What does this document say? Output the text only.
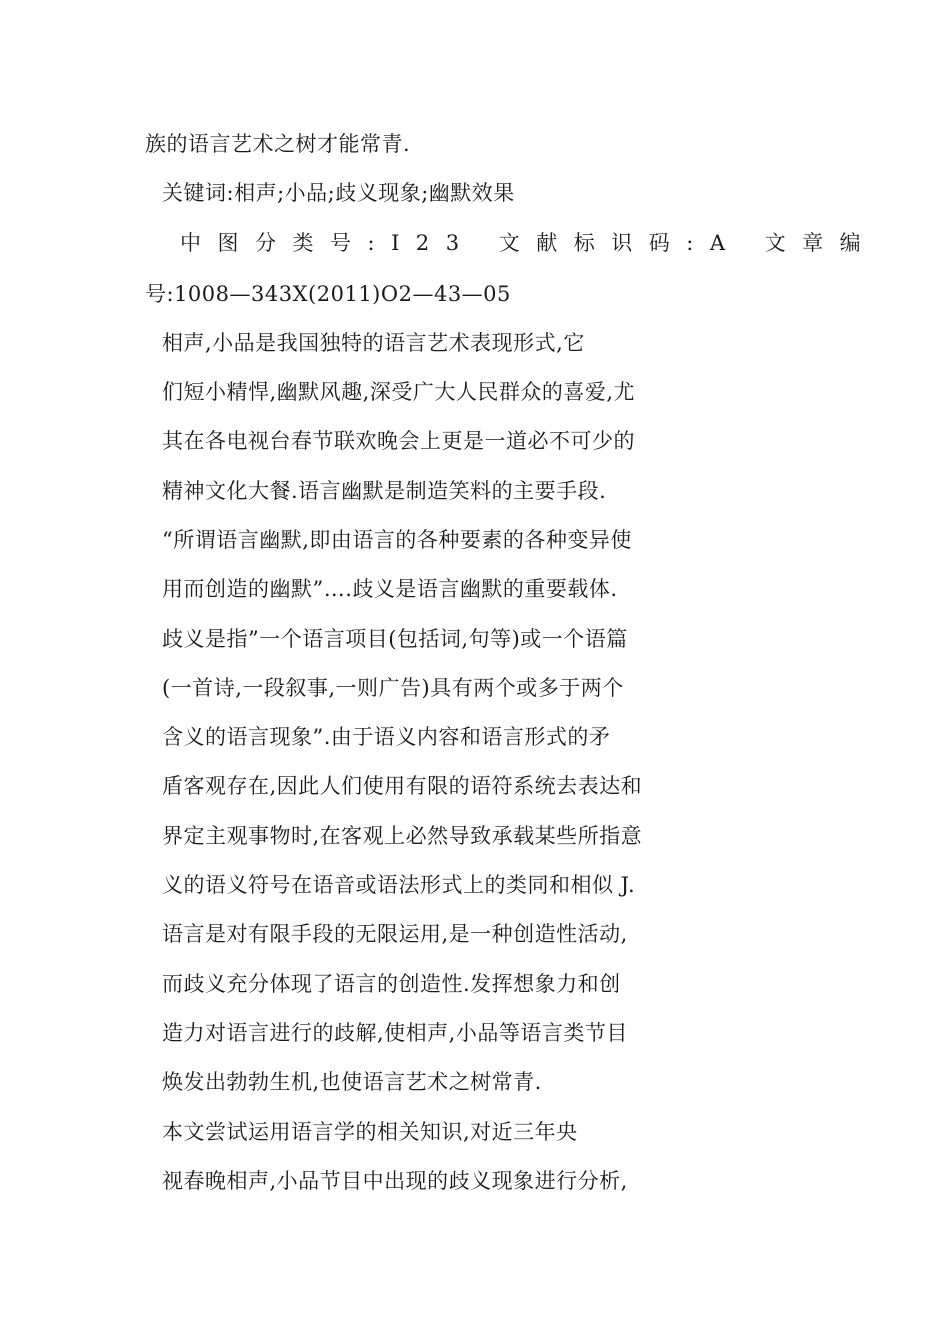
族的语言艺术之树才能常青.
关键词:相声;小品;歧义现象;幽默效果
中图分类号:I23 文献标识码:A 文章编
号:1008—343X(2011)O2—43—05
相声,小品是我国独特的语言艺术表现形式,它
们短小精悍,幽默风趣,深受广大人民群众的喜爱,尤
其在各电视台春节联欢晚会上更是一道必不可少的
精神文化大餐.语言幽默是制造笑料的主要手段.
“所谓语言幽默,即由语言的各种要素的各种变异使
用而创造的幽默”….歧义是语言幽默的重要载体.
歧义是指”一个语言项目(包括词,句等)或一个语篇
(一首诗,一段叙事,一则广告)具有两个或多于两个
含义的语言现象”.由于语义内容和语言形式的矛
盾客观存在,因此人们使用有限的语符系统去表达和
界定主观事物时,在客观上必然导致承载某些所指意
义的语义符号在语音或语法形式上的类同和相似 J.
语言是对有限手段的无限运用,是一种创造性活动,
而歧义充分体现了语言的创造性.发挥想象力和创
造力对语言进行的歧解,使相声,小品等语言类节目
焕发出勃勃生机,也使语言艺术之树常青.
本文尝试运用语言学的相关知识,对近三年央
视春晚相声,小品节目中出现的歧义现象进行分析,
